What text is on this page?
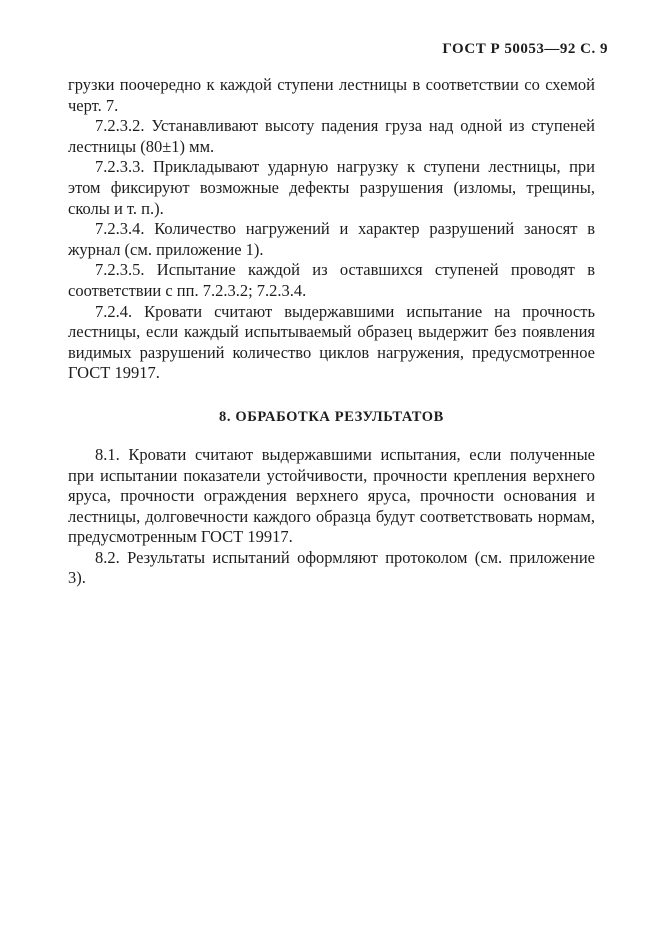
ГОСТ Р 50053—92 С. 9

грузки поочередно к каждой ступени лестницы в соответствии со схемой черт. 7.

7.2.3.2. Устанавливают высоту падения груза над одной из ступеней лестницы (80±1) мм.

7.2.3.3. Прикладывают ударную нагрузку к ступени лестницы, при этом фиксируют возможные дефекты разрушения (изломы, трещины, сколы и т. п.).

7.2.3.4. Количество нагружений и характер разрушений заносят в журнал (см. приложение 1).

7.2.3.5. Испытание каждой из оставшихся ступеней проводят в соответствии с пп. 7.2.3.2; 7.2.3.4.

7.2.4. Кровати считают выдержавшими испытание на прочность лестницы, если каждый испытываемый образец выдержит без появления видимых разрушений количество циклов нагружения, предусмотренное ГОСТ 19917.

8. ОБРАБОТКА РЕЗУЛЬТАТОВ

8.1. Кровати считают выдержавшими испытания, если полученные при испытании показатели устойчивости, прочности крепления верхнего яруса, прочности ограждения верхнего яруса, прочности основания и лестницы, долговечности каждого образца будут соответствовать нормам, предусмотренным ГОСТ 19917.

8.2. Результаты испытаний оформляют протоколом (см. приложение 3).
